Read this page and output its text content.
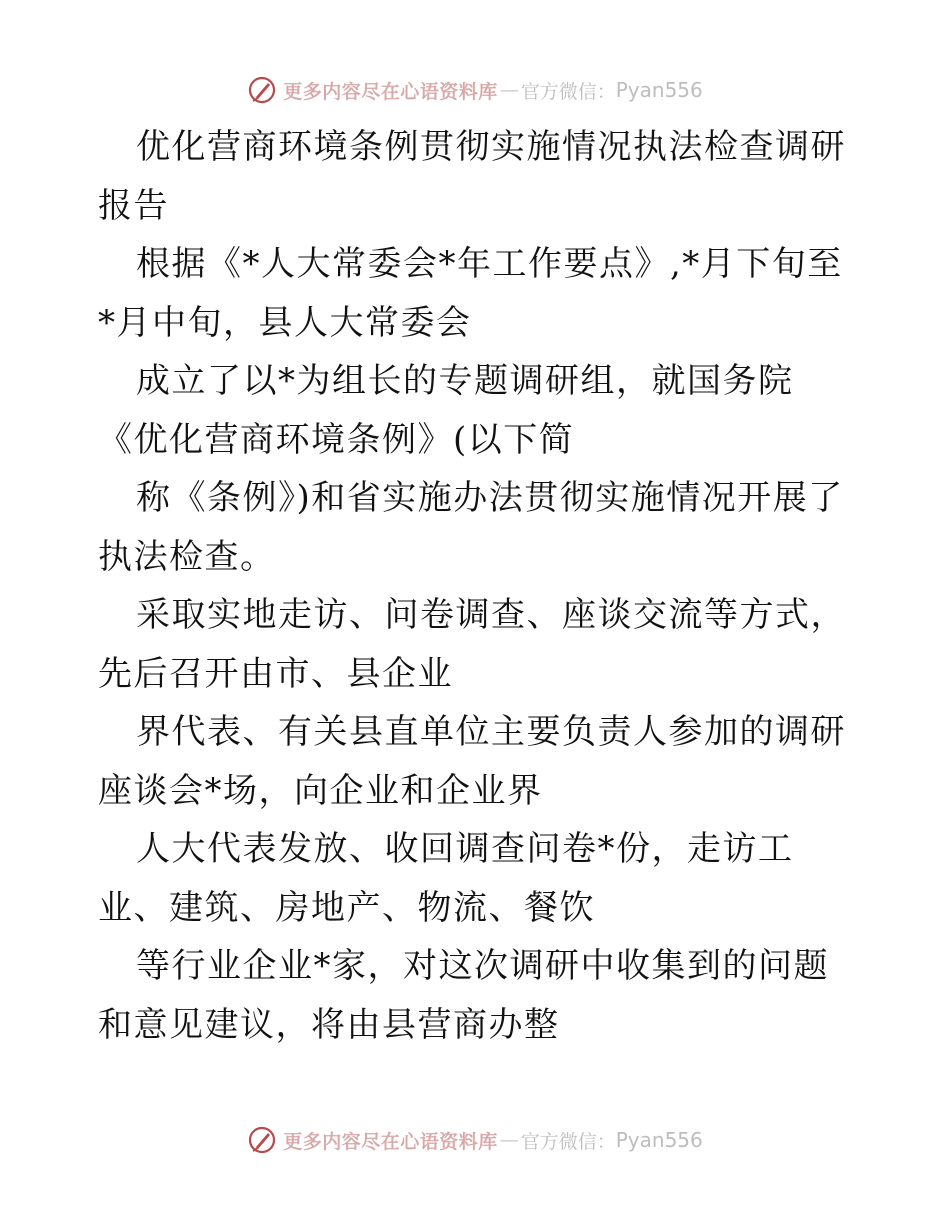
更多内容尽在心语资料库 — 官方微信： Pyan556

优化营商环境条例贯彻实施情况执法检查调研报告

根据《*人大常委会*年工作要点》,*月下旬至*月中旬，县人大常委会

成立了以*为组长的专题调研组，就国务院《优化营商环境条例》(以下简

称《条例》)和省实施办法贯彻实施情况开展了执法检查。

采取实地走访、问卷调查、座谈交流等方式，先后召开由市、县企业

界代表、有关县直单位主要负责人参加的调研座谈会*场，向企业和企业界

人大代表发放、收回调查问卷*份，走访工业、建筑、房地产、物流、餐饮

等行业企业*家，对这次调研中收集到的问题和意见建议，将由县营商办整

更多内容尽在心语资料库 — 官方微信： Pyan556
